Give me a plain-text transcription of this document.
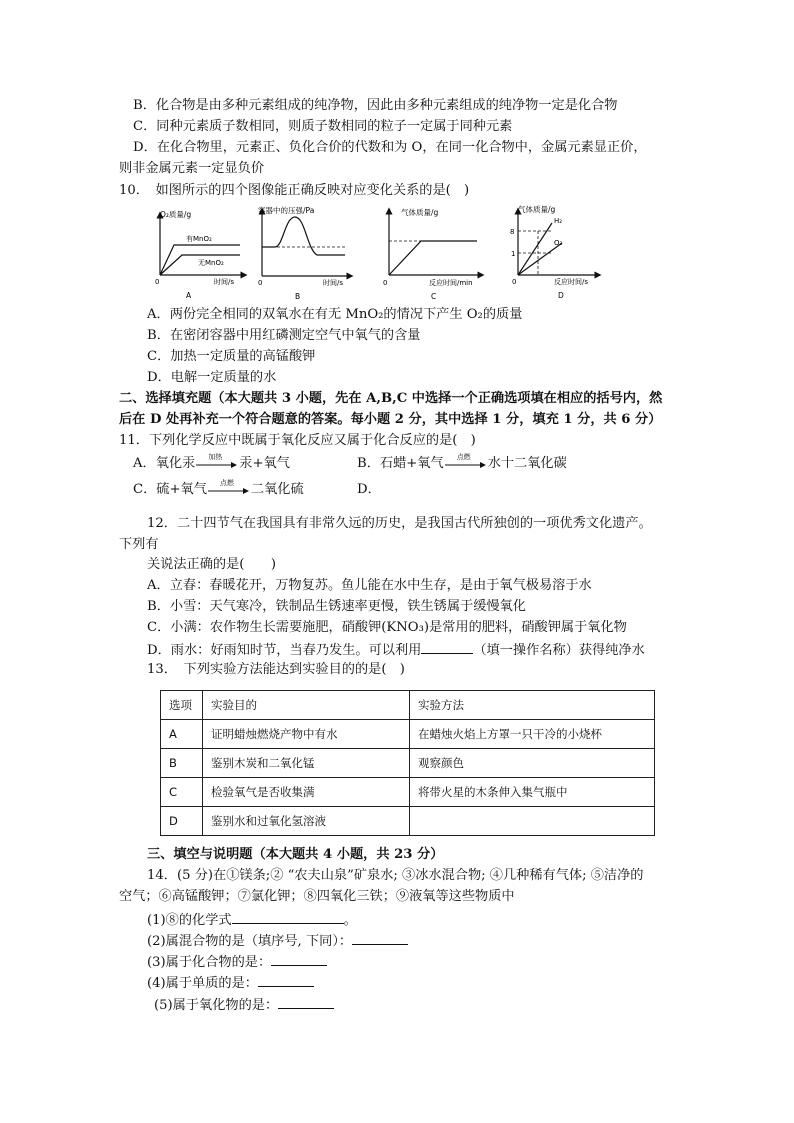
B．化合物是由多种元素组成的纯净物，因此由多种元素组成的纯净物一定是化合物
C．同种元素质子数相同，则质子数相同的粒子一定属于同种元素
D．在化合物里，元素正、负化合价的代数和为 O，在同一化合物中，金属元素显正价，
则非金属元素一定显负价
10．　如图所示的四个图像能正确反映对应变化关系的是(　)
O₂质量/g
有MnO₂
无MnO₂
0	时间/s
A
容器中的压强/Pa
0	时间/s
B
气体质量/g
0	反应时间/min
C
气体质量/g
H₂
O₂
8
1
0	反应时间/s
D
A．两份完全相同的双氧水在有无 MnO₂的情况下产生 O₂的质量
B．在密闭容器中用红磷测定空气中氧气的含量
C．加热一定质量的高锰酸钾
D．电解一定质量的水
二、选择填充题（本大题共 3 小题，先在 A,B,C 中选择一个正确选项填在相应的括号内，然
后在 D 处再补充一个符合题意的答案。每小题 2 分，其中选择 1 分，填充 1 分，共 6 分）
11．下列化学反应中既属于氧化反应又属于化合反应的是(　)
A．氧化汞	加热	汞+氧气	B．石蜡+氧气	点燃	水十二氧化碳
C．硫+氧气	点燃	二氧化硫	D．
12．二十四节气在我国具有非常久远的历史，是我国古代所独创的一项优秀文化遗产。
下列有
关说法正确的是(　　)
A．立春：春暖花开，万物复苏。鱼儿能在水中生存，是由于氧气极易溶于水
B．小雪：天气寒冷，铁制品生锈速率更慢，铁生锈属于缓慢氧化
C．小满：农作物生长需要施肥，硝酸钾(KNO₃)是常用的肥料，硝酸钾属于氧化物
D．雨水：好雨知时节，当春乃发生。可以利用	（填一操作名称）获得纯净水
13．　下列实验方法能达到实验目的的是(　)
选项	实验目的	实验方法
A	证明蜡烛燃烧产物中有水	在蜡烛火焰上方罩一只干冷的小烧杯
B	鉴别木炭和二氧化锰	观察颜色
C	检验氧气是否收集满	将带火星的木条伸入集气瓶中
D	鉴别水和过氧化氢溶液	
三、填空与说明题（本大题共 4 小题，共 23 分）
14．(5 分)在①镁条;② “农夫山泉”矿泉水; ③冰水混合物; ④几种稀有气体; ⑤洁净的
空气；⑥高锰酸钾；⑦氯化钾；⑧四氧化三铁；⑨液氧等这些物质中
(1)⑧的化学式	。
(2)属混合物的是（填序号, 下同）：
(3)属于化合物的是：
(4)属于单质的是：
(5)属于氧化物的是：
